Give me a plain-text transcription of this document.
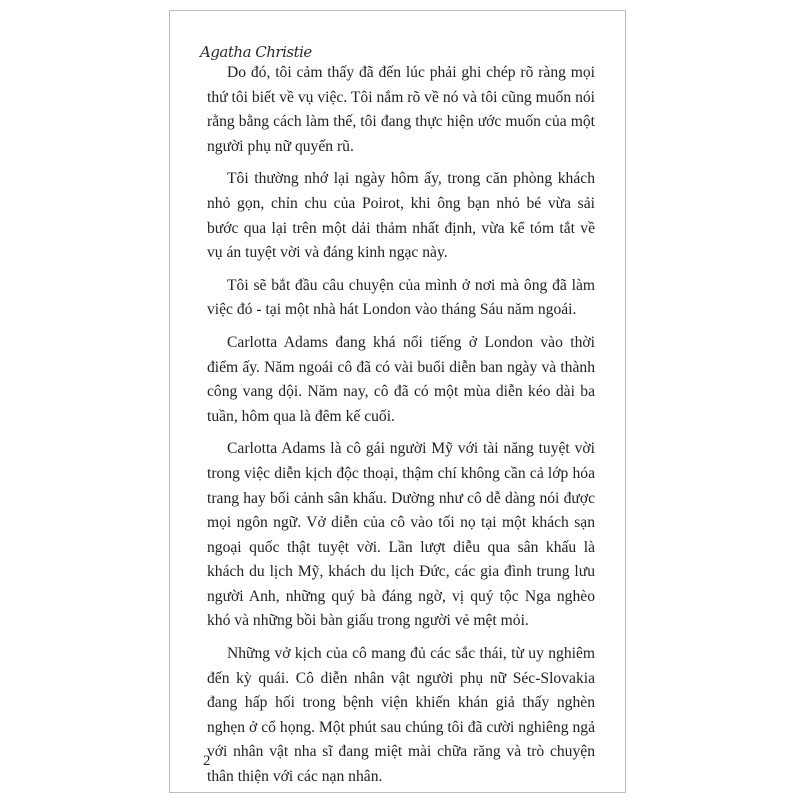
Agatha Christie

Do đó, tôi cảm thấy đã đến lúc phải ghi chép rõ ràng mọi thứ tôi biết về vụ việc. Tôi nắm rõ về nó và tôi cũng muốn nói rằng bằng cách làm thế, tôi đang thực hiện ước muốn của một người phụ nữ quyến rũ.

Tôi thường nhớ lại ngày hôm ấy, trong căn phòng khách nhỏ gọn, chỉn chu của Poirot, khi ông bạn nhỏ bé vừa sải bước qua lại trên một dải thảm nhất định, vừa kể tóm tắt về vụ án tuyệt vời và đáng kinh ngạc này.

Tôi sẽ bắt đầu câu chuyện của mình ở nơi mà ông đã làm việc đó - tại một nhà hát London vào tháng Sáu năm ngoái.

Carlotta Adams đang khá nổi tiếng ở London vào thời điểm ấy. Năm ngoái cô đã có vài buổi diễn ban ngày và thành công vang dội. Năm nay, cô đã có một mùa diễn kéo dài ba tuần, hôm qua là đêm kế cuối.

Carlotta Adams là cô gái người Mỹ với tài năng tuyệt vời trong việc diễn kịch độc thoại, thậm chí không cần cả lớp hóa trang hay bối cảnh sân khấu. Dường như cô dễ dàng nói được mọi ngôn ngữ. Vở diễn của cô vào tối nọ tại một khách sạn ngoại quốc thật tuyệt vời. Lần lượt diễu qua sân khấu là khách du lịch Mỹ, khách du lịch Đức, các gia đình trung lưu người Anh, những quý bà đáng ngờ, vị quý tộc Nga nghèo khó và những bồi bàn giấu trong người vẻ mệt mỏi.

Những vở kịch của cô mang đủ các sắc thái, từ uy nghiêm đến kỳ quái. Cô diễn nhân vật người phụ nữ Séc-Slovakia đang hấp hối trong bệnh viện khiến khán giả thấy nghèn nghẹn ở cổ họng. Một phút sau chúng tôi đã cười nghiêng ngả với nhân vật nha sĩ đang miệt mài chữa răng và trò chuyện thân thiện với các nạn nhân.

2
